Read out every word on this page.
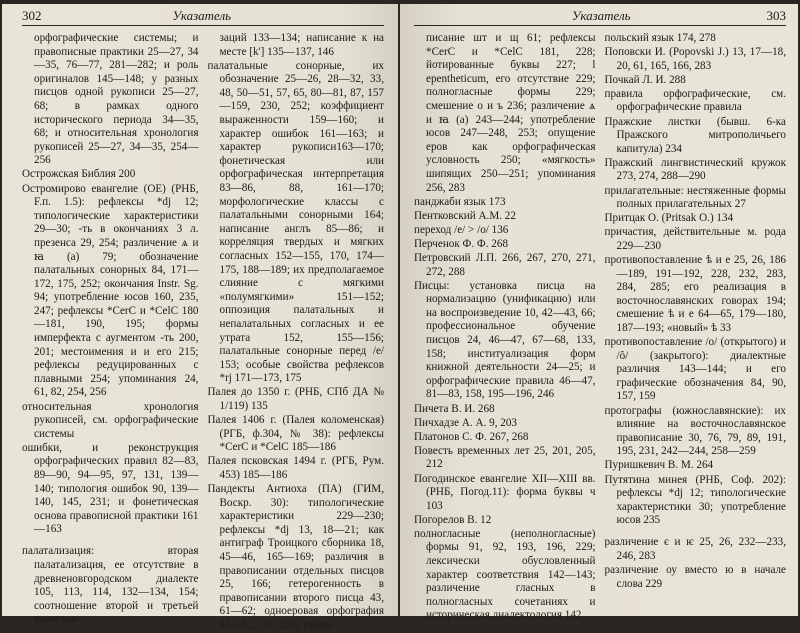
302	Указатель

орфографические системы; и правописные практики 25—27, 34—35, 76—77, 281—282; и роль оригиналов 145—148; у разных писцов одной рукописи 25—27, 68; в рамках одного исторического периода 34—35, 68; и относительная хронология рукописей 25—27, 34—35, 254—256

Острожская Библия 200

Остромирово евангелие (ОЕ) (РНБ, F.п. 1.5): рефлексы *dj 12; типологические характеристики 29—30; -ть в окончаниях 3 л. презенса 29, 254; различение ѧ и ꙗ (а) 79; обозначение палатальных сонорных 84, 171—172, 175, 252; окончания Instr. Sg. 94; употребление юсов 160, 235, 247; рефлексы *CerC и *CelC 180—181, 190, 195; формы имперфекта с аугментом -ть 200, 201; местоимения и и его 215; рефлексы редуцированных с плавными 254; упоминания 24, 61, 82, 254, 256

относительная хронология рукописей, см. орфографические системы

ошибки, и реконструкция орфографических правил 82—83, 89—90, 94—95, 97, 131, 139—140; типология ошибок 90, 139—140, 145, 231; и фонетическая основа правописной практики 161—163

палатализация: вторая палатализация, ее отсутствие в древненовгородском диалекте 105, 113, 114, 132—134, 154; соотношение второй и третьей палатали-

заций 133—134; написание к на месте [k'] 135—137, 146

палатальные сонорные, их обозначение 25—26, 28—32, 33, 48, 50—51, 57, 65, 80—81, 87, 157—159, 230, 252; коэффициент выраженности 159—160; и характер ошибок 161—163; и характер рукописи163—170; фонетическая или орфографическая интерпретация 83—86, 88, 161—170; морфологические классы с палатальными сонорными 164; написание англъ 85—86; и корреляция твердых и мягких согласных 152—155, 170, 174—175, 188—189; их предполагаемое слияние с мягкими «полумягкими» 151—152; оппозиция палатальных и непалатальных согласных и ее утрата 152, 155—156; палатальные сонорные перед /е/ 153; особые свойства рефлексов *rj 171—173, 175

Палея до 1350 г. (РНБ, СПб ДА № 1/119) 135

Палея 1406 г. (Палея коломенская) (РГБ, ф.304, № 38): рефлексы *CerC и *CelC 185—186

Палея псковская 1494 г. (РГБ, Рум. 453) 185—186

Пандекты Антиоха (ПА) (ГИМ, Воскр. 30): типологические характеристики 229—230; рефлексы *dj 13, 18—21; как антиграф Троицкого сборника 18, 45—46, 165—169; различия в правописании отдельных писцов 25, 166; гетерогенность в правописании второго писца 43, 61—62; одноеровая орфография 61—62, 165, 226; право-

Указатель	303

писание шт и щ 61; рефлексы *CerC и *CelC 181, 228; йотированные буквы 227; l epentheticum, его отсутствие 229; полногласные формы 229; смешение о и ъ 236; различение ѧ и ꙗ (а) 243—244; употребление юсов 247—248, 253; опущение еров как орфографическая условность 250; «мягкость» шипящих 250—251; упоминания 256, 283

панджаби язык 173

Пентковский А.М. 22

переход /е/ > /о/ 136

Перченок Ф. Ф. 268

Петровский Л.П. 266, 267, 270, 271, 272, 288

Писцы: установка писца на нормализацию (унификацию) или на воспроизведение 10, 42—43, 66; профессиональное обучение писцов 24, 46—47, 67—68, 133, 158; институализация форм книжной деятельности 24—25; и орфографические правила 46—47, 81—83, 158, 195—196, 246

Пичета В. И. 268

Пичхадзе А. А. 9, 203

Платонов С. Ф. 267, 268

Повесть временных лет 25, 201, 205, 212

Погодинское евангелие XII—XIII вв. (РНБ, Погод.11): форма буквы ч 103

Погорелов В. 12

полногласные (неполногласные) формы 91, 92, 193, 196, 229; лексически обусловленный характер соответствия 142—143; различение гласных в полногласных сочетаниях и историческая диалектология 142

польский язык 174, 278

Поповски И. (Popovski J.) 13, 17—18, 20, 61, 165, 166, 283

Почкай Л. И. 288

правила орфографические, см. орфографические правила

Пражские листки (бывш. 6-ка Пражского митрополичьего капитула) 234

Пражский лингвистический кружок 273, 274, 288—290

прилагательные: нестяженные формы полных прилагательных 27

Притцак О. (Pritsak O.) 134

причастия, действительные м. рода 229—230

противопоставление ѣ и е 25, 26, 186—189, 191—192, 228, 232, 283, 284, 285; его реализация в восточнославянских говорах 194; смешение ѣ и е 64—65, 179—180, 187—193; «новый» ѣ 33

противопоставление /о/ (открытого) и /ô/ (закрытого): диалектные различия 143—144; и его графические обозначения 84, 90, 157, 159

протографы (южнославянские): их влияние на восточнославянское правописание 30, 76, 79, 89, 191, 195, 231, 242—244, 258—259

Пуришкевич В. М. 264

Путятина минея (РНБ, Соф. 202): рефлексы *dj 12; типологические характеристики 30; употребление юсов 235

различение є и ѥ 25, 26, 232—233, 246, 283

различение оу вместо ю в начале слова 229
